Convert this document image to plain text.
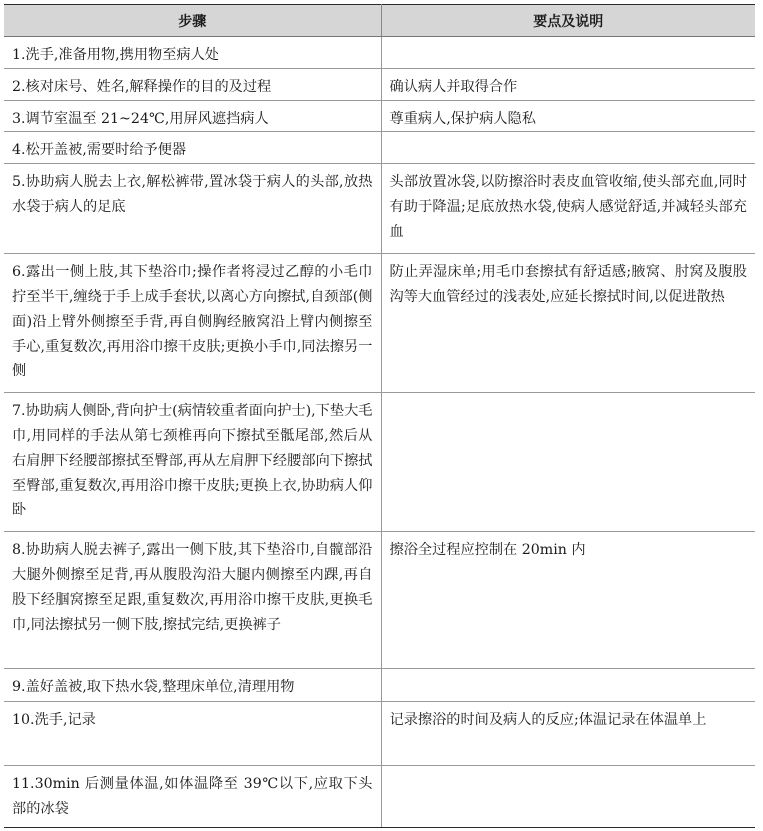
步骤	要点及说明
1.洗手,准备用物,携用物至病人处	
2.核对床号、姓名,解释操作的目的及过程	确认病人并取得合作
3.调节室温至 21~24℃,用屏风遮挡病人	尊重病人,保护病人隐私
4.松开盖被,需要时给予便器	
5.协助病人脱去上衣,解松裤带,置冰袋于病人的头部,放热水袋于病人的足底	头部放置冰袋,以防擦浴时表皮血管收缩,使头部充血,同时有助于降温;足底放热水袋,使病人感觉舒适,并减轻头部充血
6.露出一侧上肢,其下垫浴巾;操作者将浸过乙醇的小毛巾拧至半干,缠绕于手上成手套状,以离心方向擦拭,自颈部(侧面)沿上臂外侧擦至手背,再自侧胸经腋窝沿上臂内侧擦至手心,重复数次,再用浴巾擦干皮肤;更换小手巾,同法擦另一侧	防止弄湿床单;用毛巾套擦拭有舒适感;腋窝、肘窝及腹股沟等大血管经过的浅表处,应延长擦拭时间,以促进散热
7.协助病人侧卧,背向护士(病情较重者面向护士),下垫大毛巾,用同样的手法从第七颈椎再向下擦拭至骶尾部,然后从右肩胛下经腰部擦拭至臀部,再从左肩胛下经腰部向下擦拭至臀部,重复数次,再用浴巾擦干皮肤;更换上衣,协助病人仰卧	
8.协助病人脱去裤子,露出一侧下肢,其下垫浴巾,自髋部沿大腿外侧擦至足背,再从腹股沟沿大腿内侧擦至内踝,再自股下经腘窝擦至足跟,重复数次,再用浴巾擦干皮肤,更换毛巾,同法擦拭另一侧下肢,擦拭完结,更换裤子	擦浴全过程应控制在 20min 内
9.盖好盖被,取下热水袋,整理床单位,清理用物	
10.洗手,记录	记录擦浴的时间及病人的反应;体温记录在体温单上
11.30min 后测量体温,如体温降至 39℃以下,应取下头部的冰袋	
